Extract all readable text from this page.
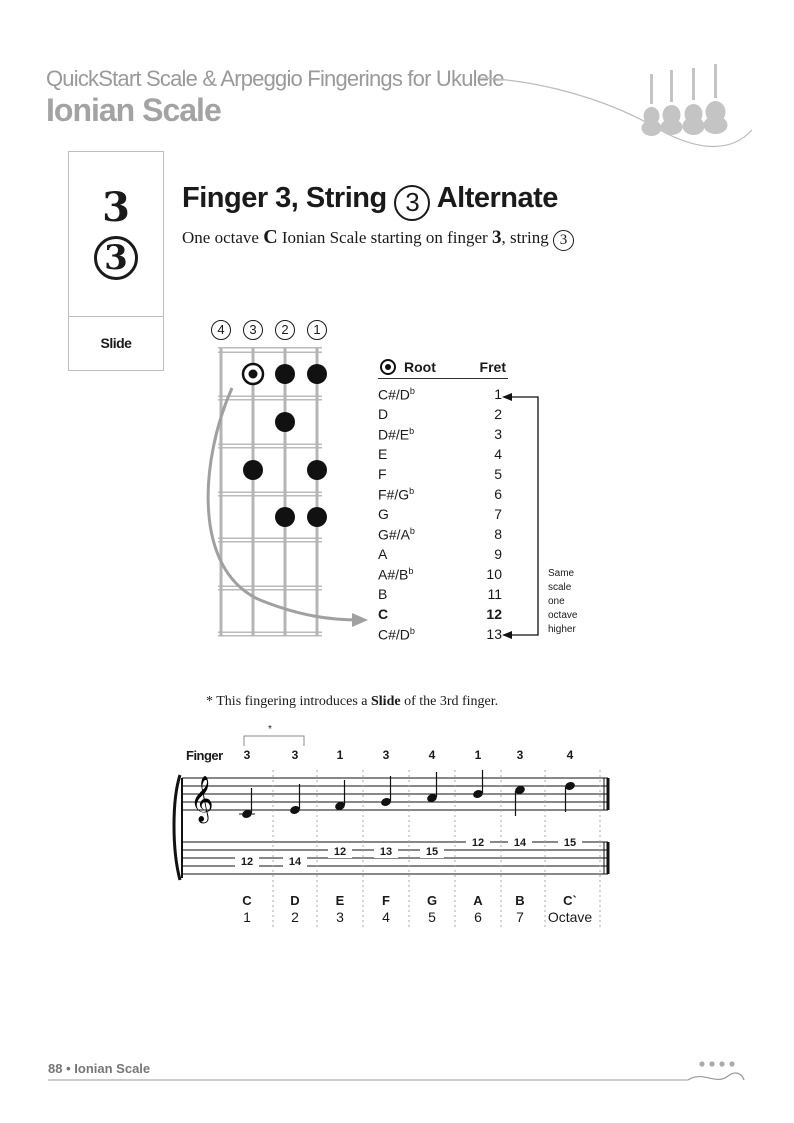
QuickStart Scale & Arpeggio Fingerings for Ukulele
Ionian Scale
3
3
Slide
Finger 3, String 3 Alternate
One octave C Ionian Scale starting on finger 3, string 3
4	3	2	1
Root	Fret
$C\#/D^b$	1
D	2
$D\#/E^b$	3
E	4
F	5
$F\#/G^b$	6
G	7
$G\#/A^b$	8
A	9
$A\#/B^b$	10
B	11
C	12
$C\#/D^b$	13
Same
scale
one
octave
higher
* This fingering introduces a Slide of the 3rd finger.
Finger
*
3	3	1	3	4	1	3	4
𝄞
12	14
12	13	15
12	14	15
C
1
D
2
E
3
F
4
G
5
A
6
B
7
C`
Octave
88 • Ionian Scale
